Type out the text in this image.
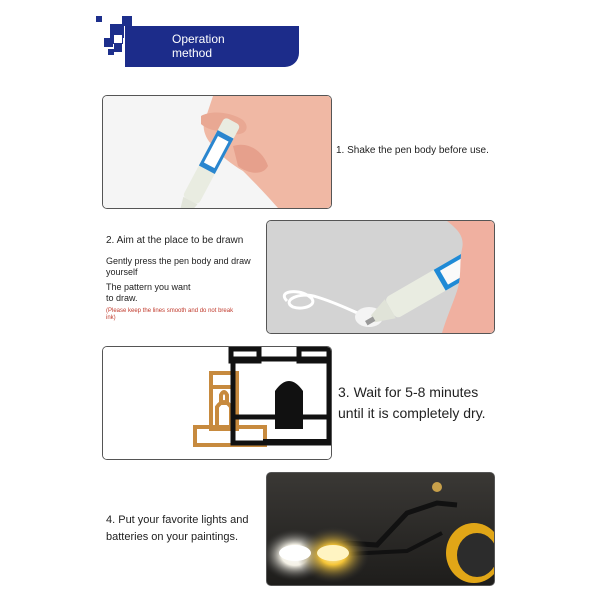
Operation
method
1. Shake the pen body before use.
2. Aim at the place to be drawn
Gently press the pen body and draw
yourself
The pattern you want
to draw.
(Please keep the lines smooth and do not break
ink)
3. Wait for 5-8 minutes
until it is completely dry.
4. Put your favorite lights and
batteries on your paintings.
